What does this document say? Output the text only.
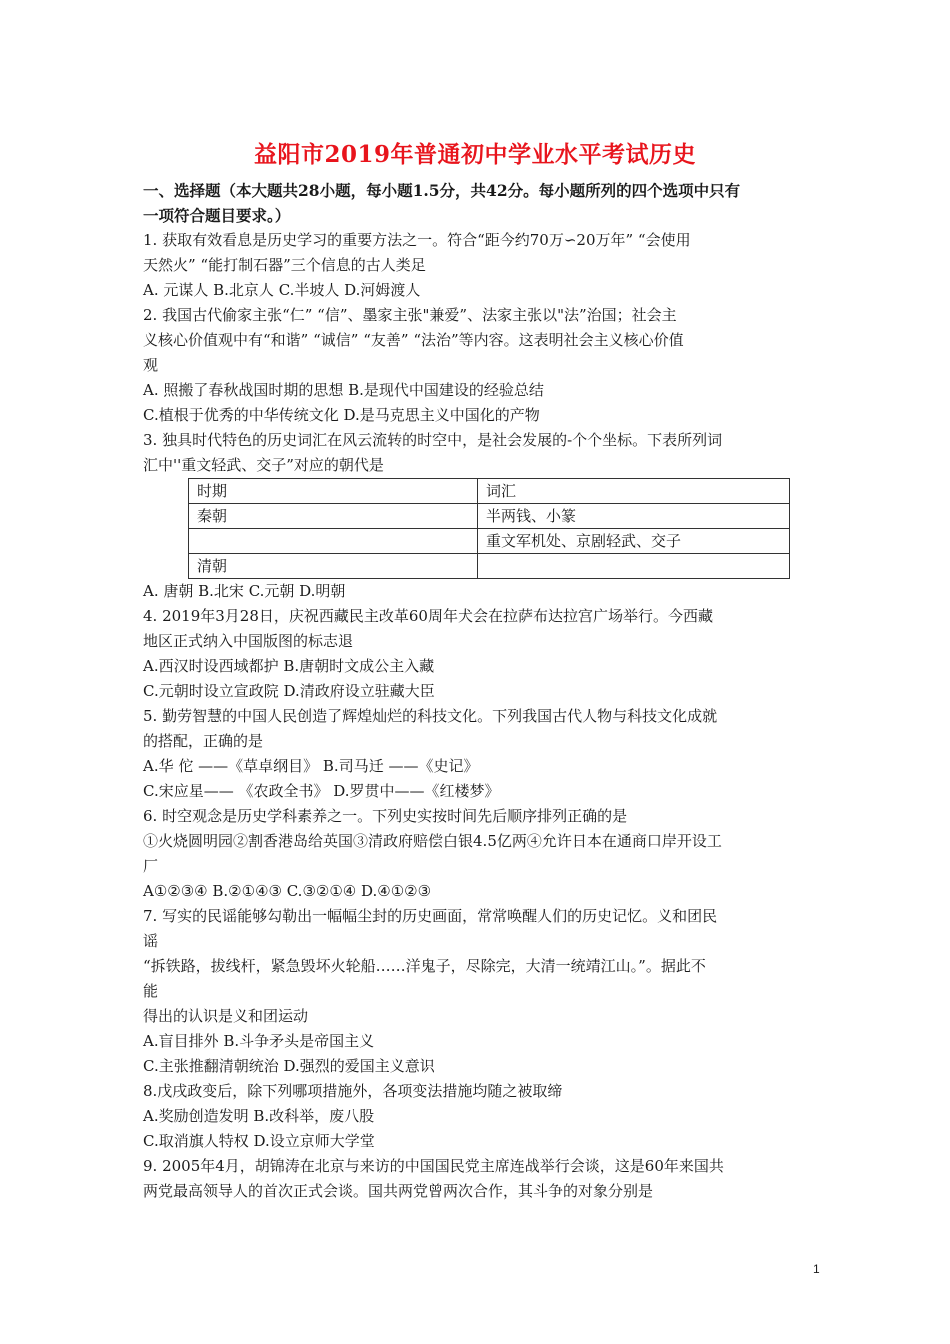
益阳市2019年普通初中学业水平考试历史
一、选择题（本大题共28小题，每小题1.5分，共42分。每小题所列的四个选项中只有
一项符合题目要求。）
1. 获取有效看息是历史学习的重要方法之一。符合“距今约70万∽20万年” “会使用
天然火” “能打制石器”三个信息的古人类足
A. 元谋人 B.北京人 C.半坡人 D.河姆渡人
2. 我国古代偷家主张“仁” “信”、墨家主张"兼爱”、法家主张以"法”治国；社会主
义核心价值观中有“和谐” “诚信” “友善” “法治”等内容。这表明社会主义核心价值
观
A. 照搬了春秋战国时期的思想 B.是现代中国建设的经验总结
C.植根于优秀的中华传统文化 D.是马克思主义中国化的产物
3. 独具时代特色的历史词汇在风云流转的时空中，是社会发展的-个个坐标。下表所列词
汇中''重文轻武、交子”对应的朝代是
时期	词汇
秦朝	半两钱、小篆
	重文军机处、京剧轻武、交子
清朝	
A. 唐朝 B.北宋 C.元朝 D.明朝
4. 2019年3月28日，庆祝西藏民主改革60周年犬会在拉萨布达拉宫广场举行。今西藏
地区正式纳入中国版图的标志退
A.西汉时设西域都护 B.唐朝时文成公主入藏
C.元朝时设立宣政院 D.清政府设立驻藏大臣
5. 勤劳智慧的中国人民创造了辉煌灿烂的科技文化。下列我国古代人物与科技文化成就
的搭配，正确的是
A.华 佗 ——《草卓纲目》 B.司马迁 ——《史记》
C.宋应星—— 《农政全书》 D.罗贯中——《红楼梦》
6. 时空观念是历史学科素养之一。下列史实按时间先后顺序排列正确的是
①火烧圆明园②割香港岛给英国③清政府赔偿白银4.5亿两④允许日本在通商口岸开设工
厂
A①②③④ B.②①④③ C.③②①④ D.④①②③
7. 写实的民谣能够勾勒出一幅幅尘封的历史画面，常常唤醒人们的历史记忆。义和团民
谣
“拆铁路，拔线杆，紧急毁坏火轮船……洋鬼子，尽除完，大清一统靖江山。”。据此不
能
得出的认识是义和团运动
A.盲目排外 B.斗争矛头是帝国主义
C.主张推翻清朝统治 D.强烈的爱国主义意识
8.戊戌政变后，除下列哪项措施外，各项变法措施均随之被取缔
A.奖励创造发明 B.改科举，废八股
C.取消旗人特权 D.设立京师大学堂
9. 2005年4月，胡锦涛在北京与来访的中国国民党主席连战举行会谈，这是60年来国共
两党最高领导人的首次正式会谈。国共两党曾两次合作，其斗争的对象分别是
1
